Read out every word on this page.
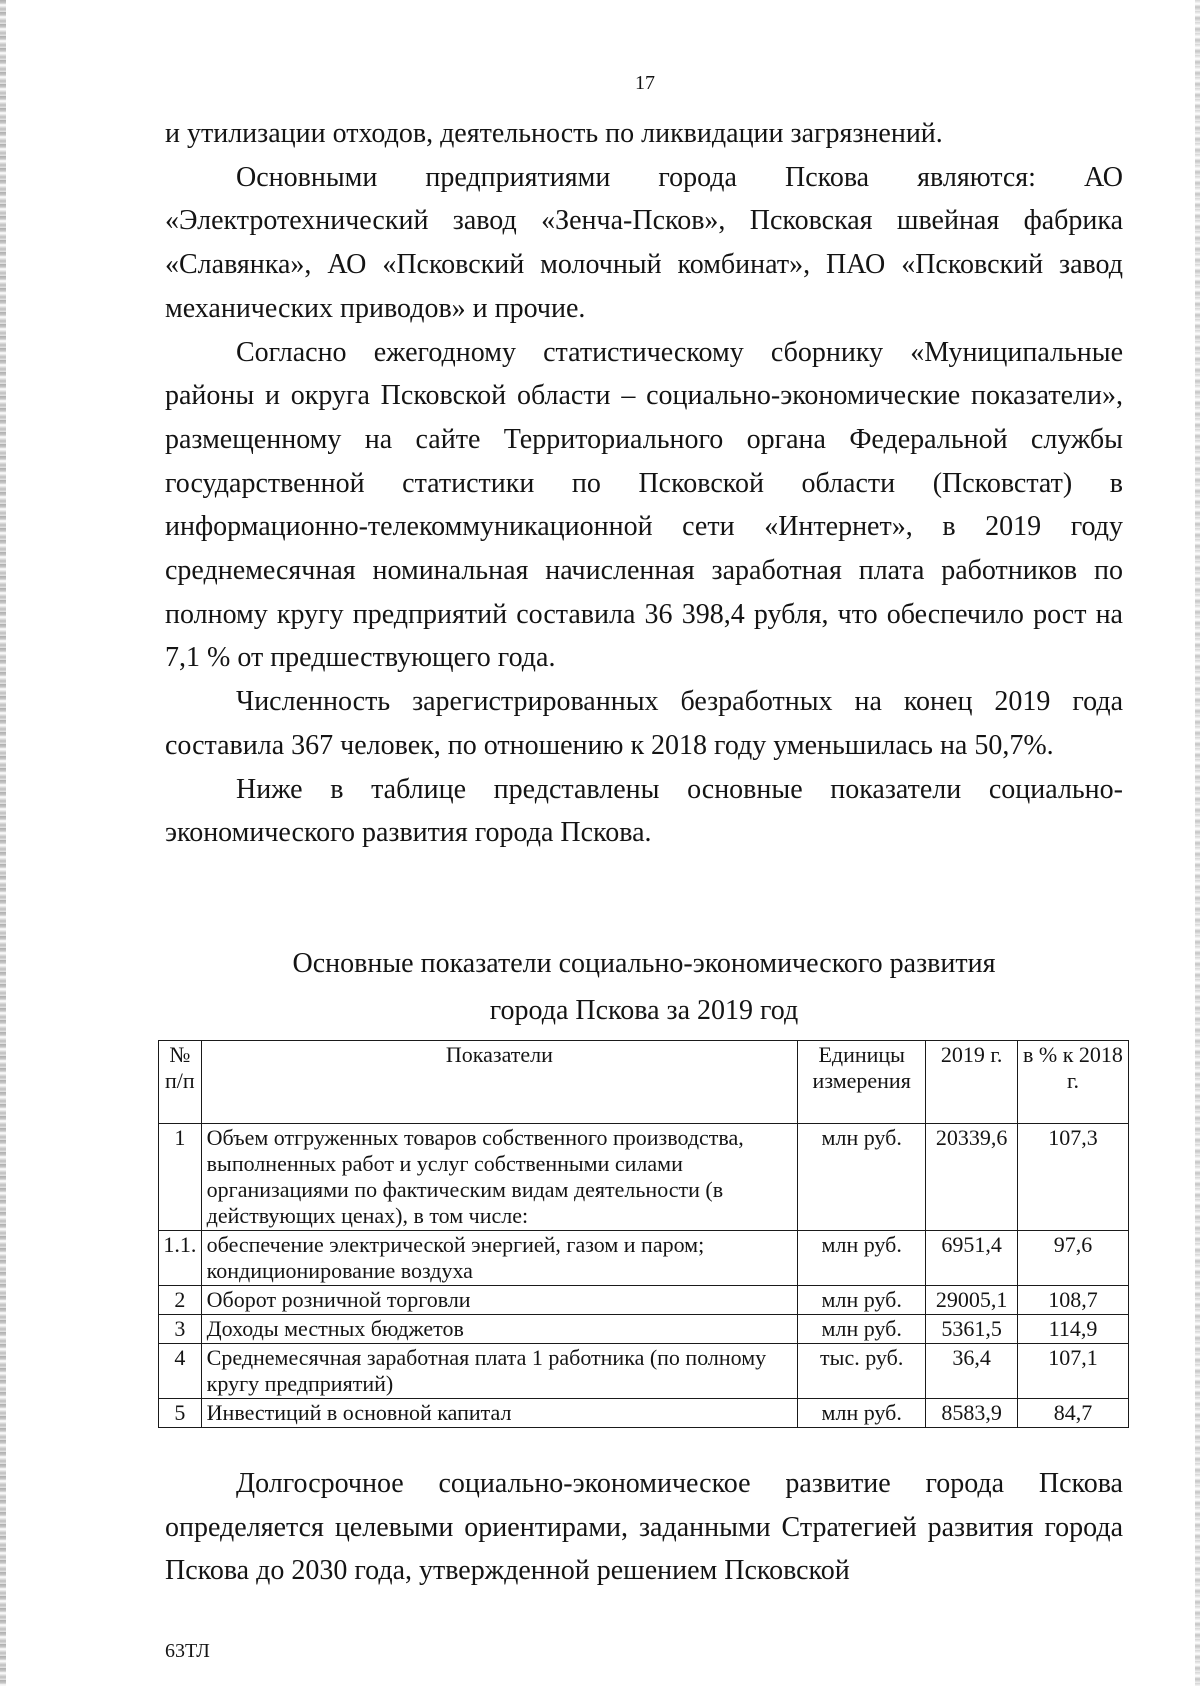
17

и утилизации отходов, деятельность по ликвидации загрязнений.

Основными предприятиями города Пскова являются: АО «Электротехнический завод «Зенча-Псков», Псковская швейная фабрика «Славянка», АО «Псковский молочный комбинат», ПАО «Псковский завод механических приводов» и прочие.

Согласно ежегодному статистическому сборнику «Муниципальные районы и округа Псковской области – социально-экономические показатели», размещенному на сайте Территориального органа Федеральной службы государственной статистики по Псковской области (Псковстат) в информационно-телекоммуникационной сети «Интернет», в 2019 году среднемесячная номинальная начисленная заработная плата работников по полному кругу предприятий составила 36 398,4 рубля, что обеспечило рост на 7,1 % от предшествующего года.

Численность зарегистрированных безработных на конец 2019 года составила 367 человек, по отношению к 2018 году уменьшилась на 50,7%.

Ниже в таблице представлены основные показатели социально-экономического развития города Пскова.

Основные показатели социально-экономического развития
города Пскова за 2019 год
№ п/п	Показатели	Единицы измерения	2019 г.	в % к 2018 г.
1	Объем отгруженных товаров собственного производства, выполненных работ и услуг собственными силами организациями по фактическим видам деятельности (в действующих ценах), в том числе:	млн руб.	20339,6	107,3
1.1.	обеспечение электрической энергией, газом и паром; кондиционирование воздуха	млн руб.	6951,4	97,6
2	Оборот розничной торговли	млн руб.	29005,1	108,7
3	Доходы местных бюджетов	млн руб.	5361,5	114,9
4	Среднемесячная заработная плата 1 работника (по полному кругу предприятий)	тыс. руб.	36,4	107,1
5	Инвестиций в основной капитал	млн руб.	8583,9	84,7

Долгосрочное социально-экономическое развитие города Пскова определяется целевыми ориентирами, заданными Стратегией развития города Пскова до 2030 года, утвержденной решением Псковской

63ТЛ
